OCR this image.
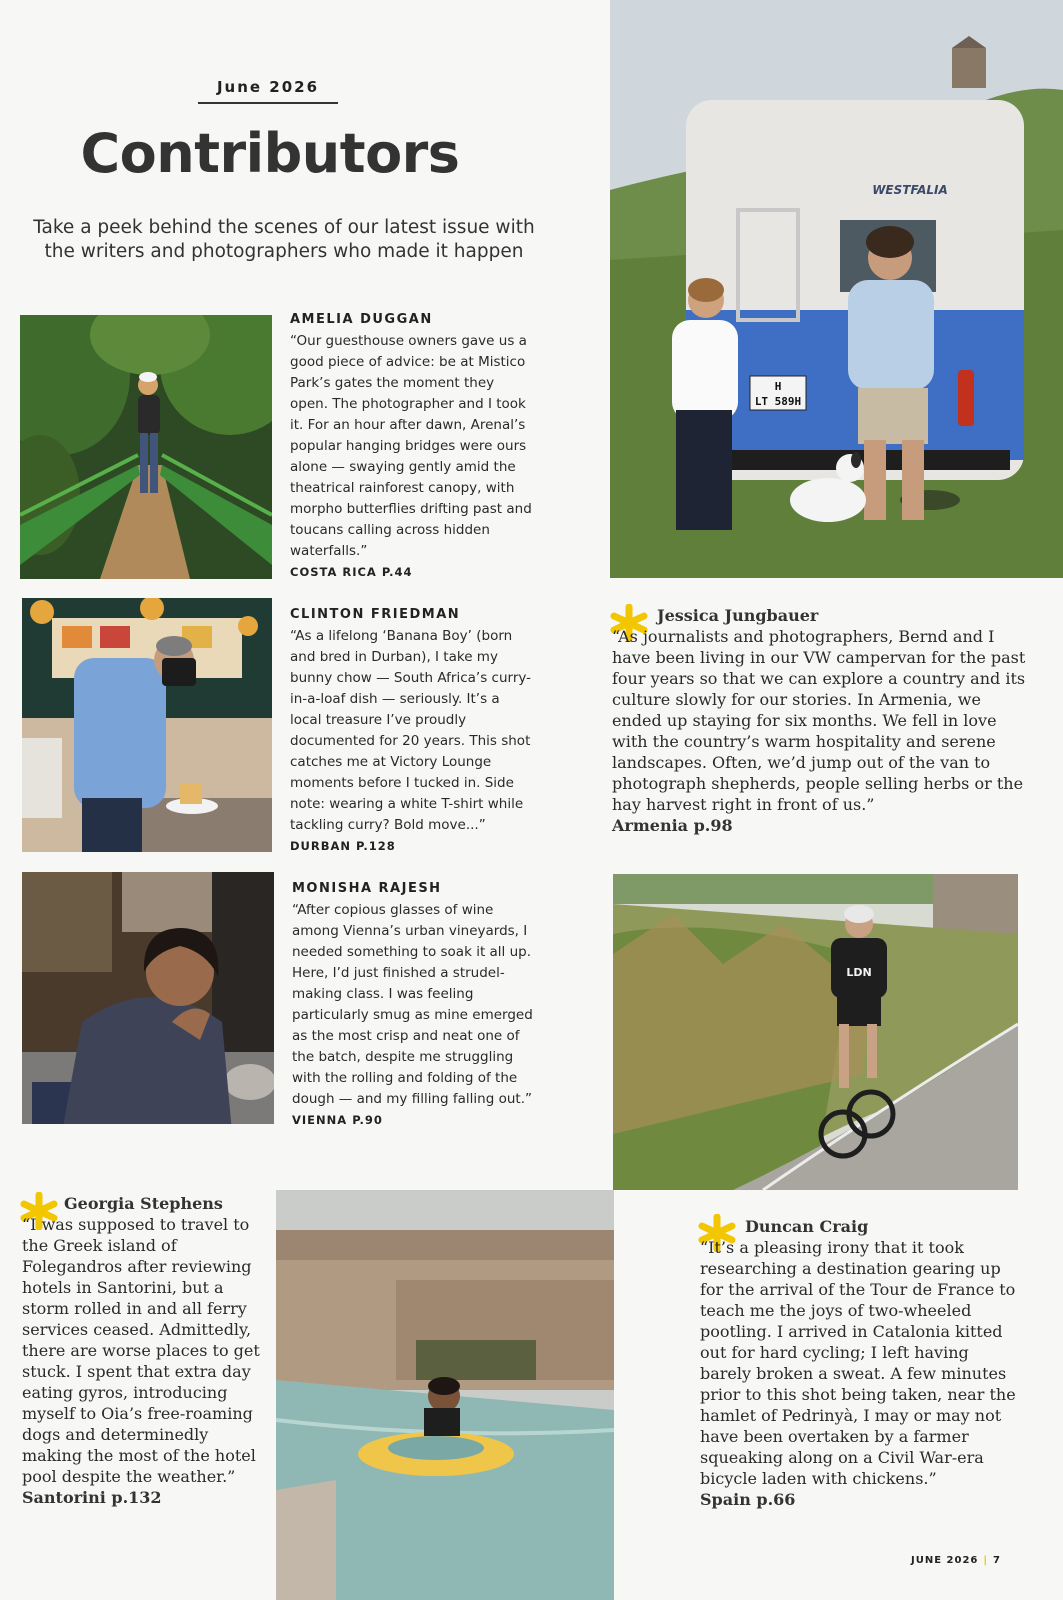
June 2026
Contributors

Take a peek behind the scenes of our latest issue with the writers and photographers who made it happen

AMELIA DUGGAN

“Our guesthouse owners gave us a good piece of advice: be at Mistico Park’s gates the moment they open. The photographer and I took it. For an hour after dawn, Arenal’s popular hanging bridges were ours alone — swaying gently amid the theatrical rainforest canopy, with morpho butterflies drifting past and toucans calling across hidden waterfalls.”

COSTA RICA P.44
CLINTON FRIEDMAN

“As a lifelong ‘Banana Boy’ (born and bred in Durban), I take my bunny chow — South Africa’s curry-in-a-loaf dish — seriously. It’s a local treasure I’ve proudly documented for 20 years. This shot catches me at Victory Lounge moments before I tucked in. Side note: wearing a white T-shirt while tackling curry? Bold move...”

DURBAN P.128
MONISHA RAJESH

“After copious glasses of wine among Vienna’s urban vineyards, I needed something to soak it all up. Here, I’d just finished a strudel-making class. I was feeling particularly smug as mine emerged as the most crisp and neat one of the batch, despite me struggling with the rolling and folding of the dough — and my filling falling out.”

VIENNA P.90
H
LT 589H
WESTFALIA

Jessica Jungbauer
“As journalists and photographers, Bernd and I have been living in our VW campervan for the past four years so that we can explore a country and its culture slowly for our stories. In Armenia, we ended up staying for six months. We fell in love with the country’s warm hospitality and serene landscapes. Often, we’d jump out of the van to photograph shepherds, people selling herbs or the hay harvest right in front of us.”

Armenia p.98
LDN

Georgia Stephens
“I was supposed to travel to the Greek island of Folegandros after reviewing hotels in Santorini, but a storm rolled in and all ferry services ceased. Admittedly, there are worse places to get stuck. I spent that extra day eating gyros, introducing myself to Oia’s free-roaming dogs and determinedly making the most of the hotel pool despite the weather.”

Santorini p.132

Duncan Craig
“It’s a pleasing irony that it took researching a destination gearing up for the arrival of the Tour de France to teach me the joys of two-wheeled pootling. I arrived in Catalonia kitted out for hard cycling; I left having barely broken a sweat. A few minutes prior to this shot being taken, near the hamlet of Pedrinyà, I may or may not have been overtaken by a farmer squeaking along on a Civil War-era bicycle laden with chickens.”

Spain p.66
JUNE 2026 | 7
